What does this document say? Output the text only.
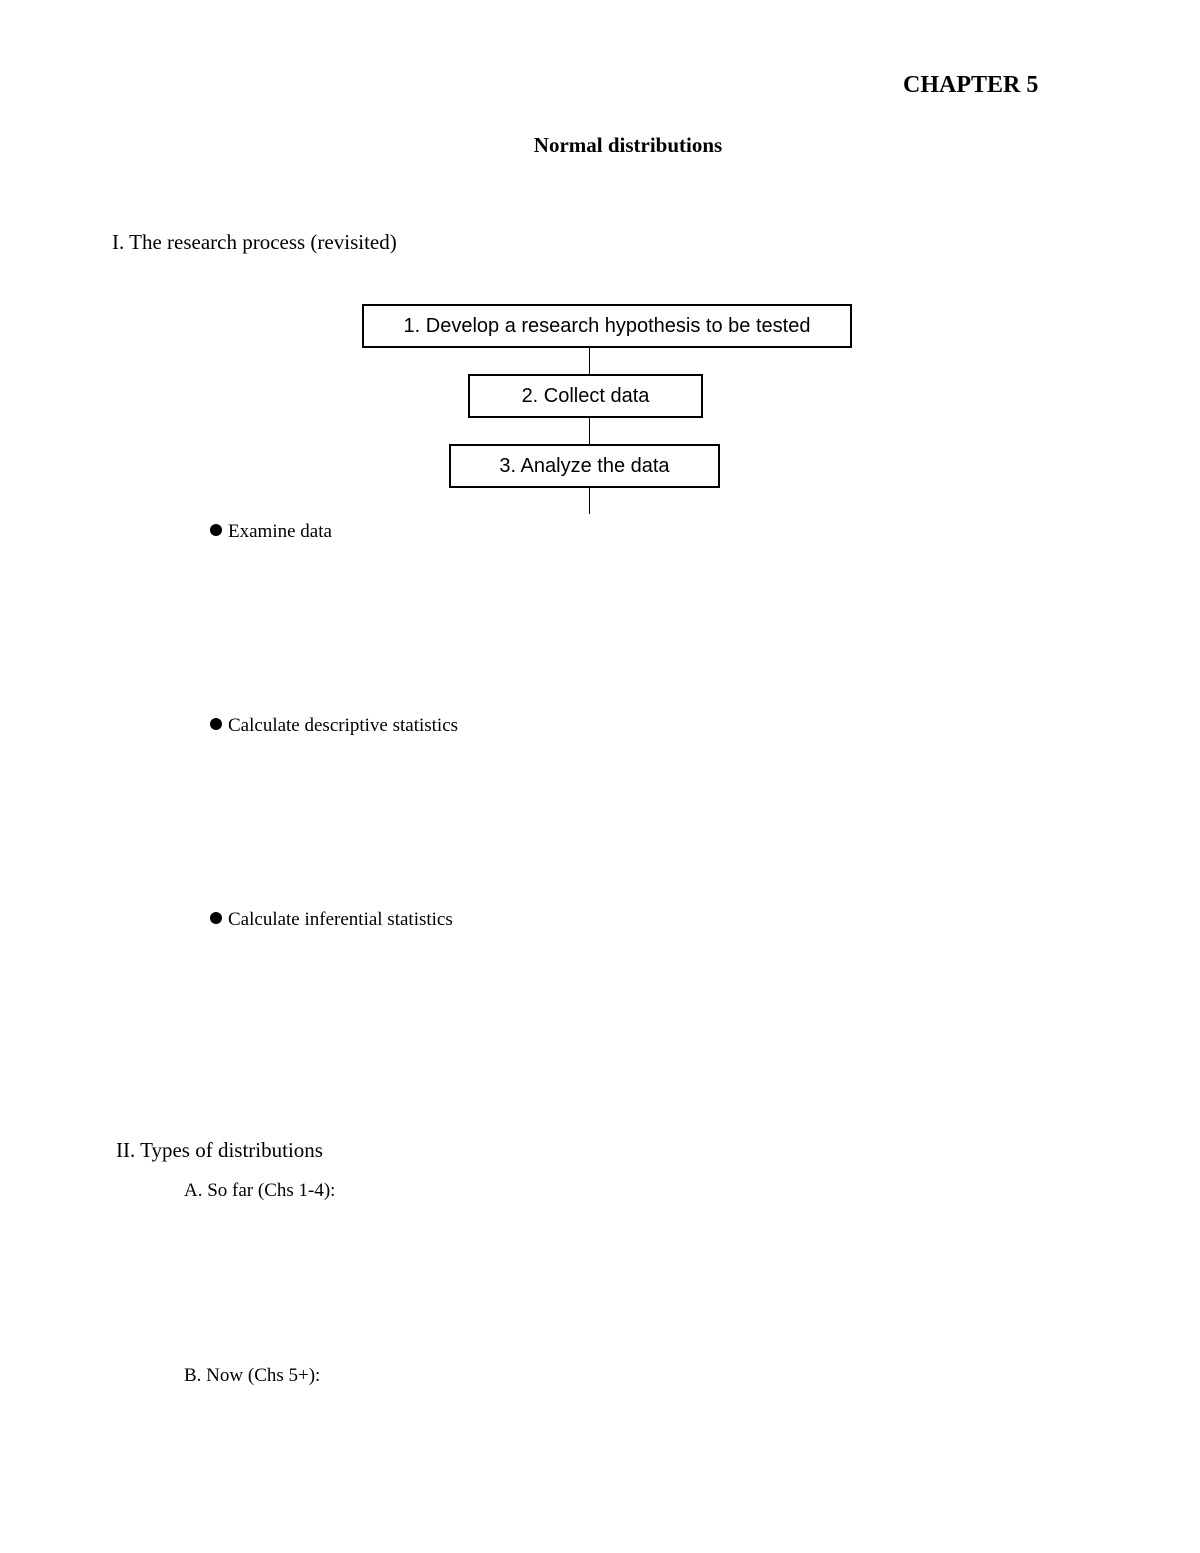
CHAPTER 5
Normal distributions
I. The research process (revisited)
1. Develop a research hypothesis to be tested
2. Collect data
3. Analyze the data
Examine data
Calculate descriptive statistics
Calculate inferential statistics
II. Types of distributions
A. So far (Chs 1-4):
B. Now (Chs 5+):
